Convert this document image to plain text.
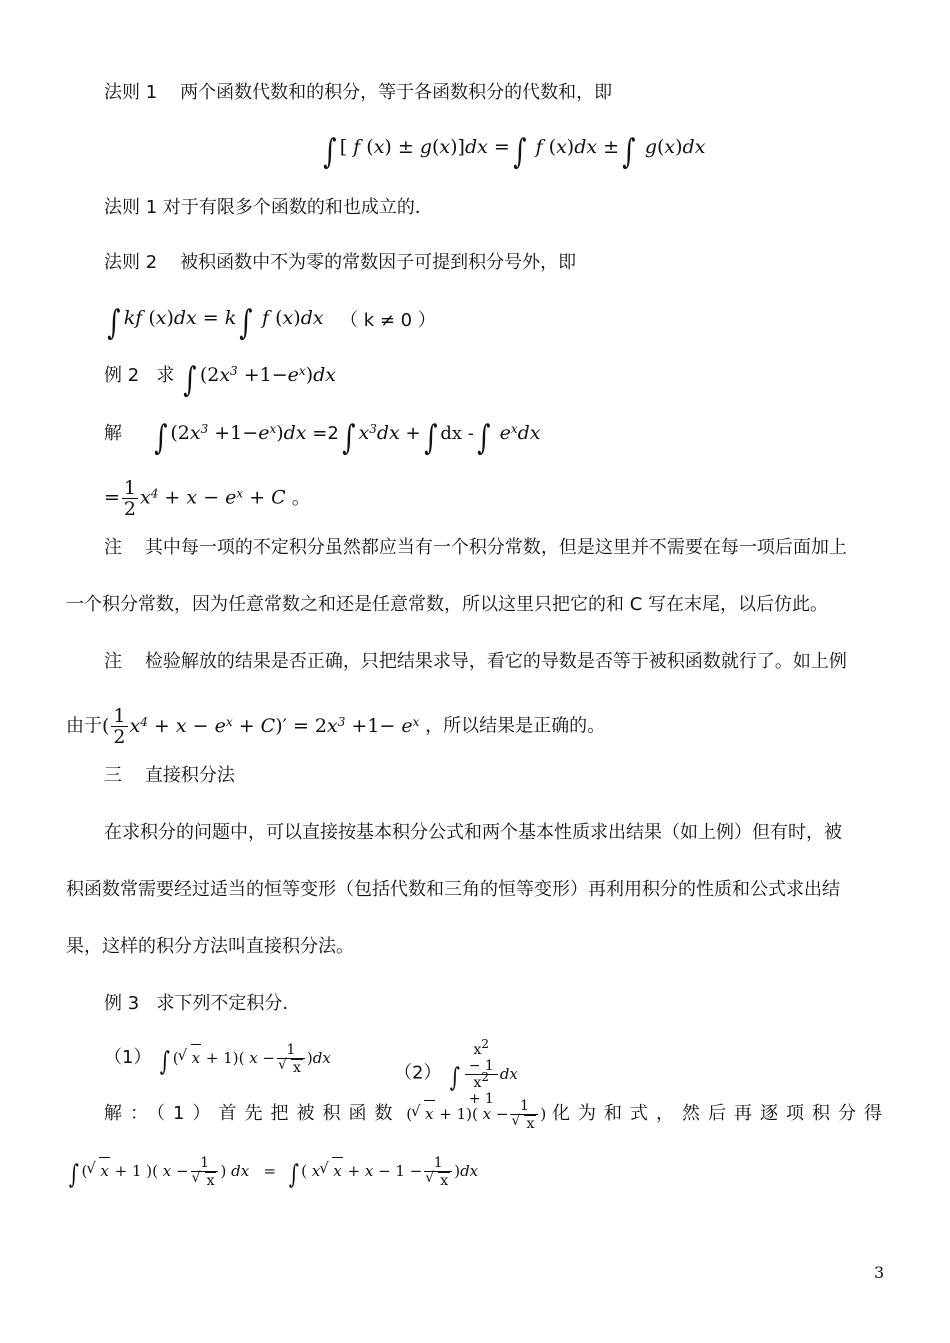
法则 1 两个函数代数和的积分，等于各函数积分的代数和，即
∫ [ f (x) ± g(x)]dx =∫ f (x)dx ±∫ g(x)dx
法则 1 对于有限多个函数的和也成立的．
法则 2 被积函数中不为零的常数因子可提到积分号外，即
∫ kf (x)dx = k∫ f (x)dx （ k ≠ 0 ）
例 2 求 ∫ $(2x^3 +1-e^x)dx$
解 ∫ $(2x^3 +1-e^x)dx =2\int$ $x^3dx$ +∫ dx -∫ $e^xdx$
= $\frac{1}{2} x^4 + x - e^x + C$ 。
注 其中每一项的不定积分虽然都应当有一个积分常数，但是这里并不需要在每一项后面加上
一个积分常数，因为任意常数之和还是任意常数，所以这里只把它的和 C 写在末尾，以后仿此。
注 检验解放的结果是否正确，只把结果求导，看它的导数是否等于被积函数就行了。如上例
由于( $\frac{1}{2} x^4 + x - e^x + C)' = 2x^3 +1- e^x$ ，所以结果是正确的。
三 直接积分法
在求积分的问题中，可以直接按基本积分公式和两个基本性质求出结果（如上例）但有时，被
积函数常需要经过适当的恒等变形（包括代数和三角的恒等变形）再利用积分的性质和公式求出结
果，这样的积分方法叫直接积分法。
例 3 求下列不定积分.
（1） ∫ ( √ x + 1)( x − 1
√ x )dx
（2） ∫ $x^2$
− 1
$x^2$
+ 1 dx
解：（1）首先把被积函数 ( √ x + 1)( x − 1
√ x ) 化为和式，然后再逐项积分得
∫ ( √ x + 1 )( x − 1
√ x ) dx   = ∫ ( x √ x + x − 1 − 1
√ x )dx
3
